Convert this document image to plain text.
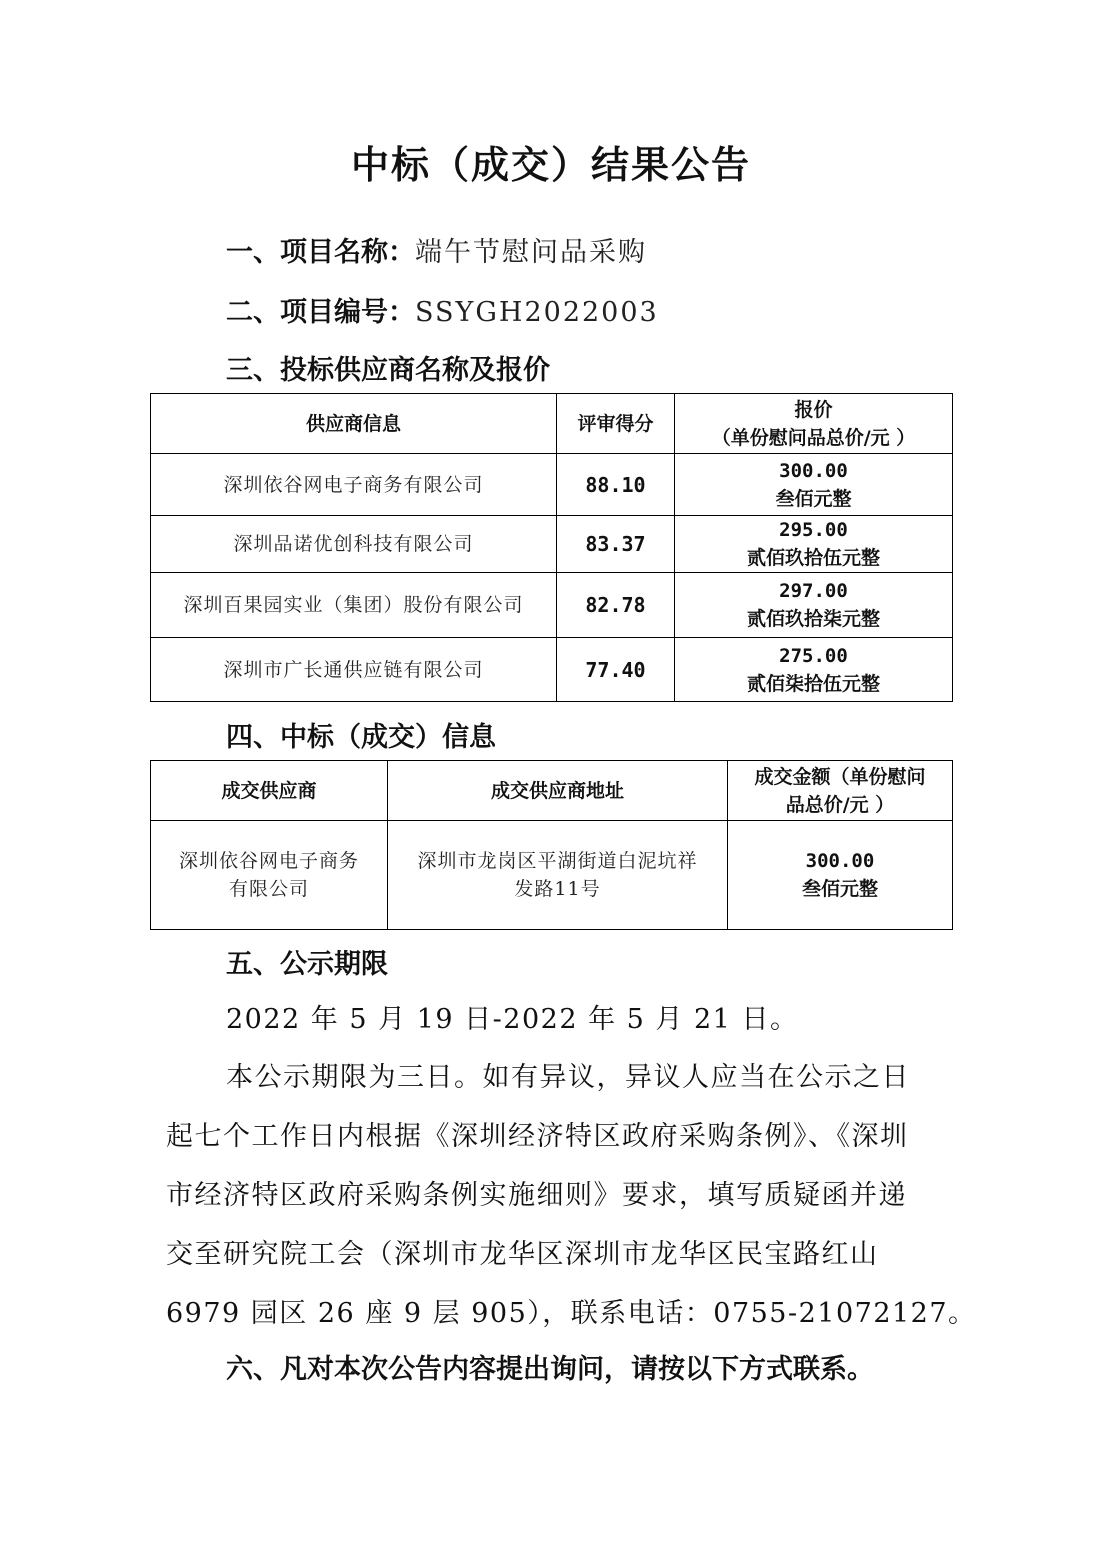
中标（成交）结果公告
一、项目名称：端午节慰问品采购
二、项目编号：SSYGH2022003
三、投标供应商名称及报价
供应商信息	评审得分	报价
（单份慰问品总价/元 ）

深圳依谷网电子商务有限公司	88.10	300.00
叁佰元整

深圳品诺优创科技有限公司	83.37	295.00
贰佰玖拾伍元整

深圳百果园实业（集团）股份有限公司	82.78	297.00
贰佰玖拾柒元整

深圳市广长通供应链有限公司	77.40	275.00
贰佰柒拾伍元整
四、中标（成交）信息
成交供应商	成交供应商地址	成交金额（单份慰问
品总价/元 ）

深圳依谷网电子商务
有限公司	深圳市龙岗区平湖街道白泥坑祥
发路11号	300.00
叁佰元整
五、公示期限
2022 年 5 月 19 日-2022 年 5 月 21 日。
本公示期限为三日。如有异议，异议人应当在公示之日
起七个工作日内根据《深圳经济特区政府采购条例》、《深圳
市经济特区政府采购条例实施细则》要求，填写质疑函并递
交至研究院工会（深圳市龙华区深圳市龙华区民宝路红山
6979 园区 26 座 9 层 905），联系电话：0755-21072127。
六、凡对本次公告内容提出询问，请按以下方式联系。
